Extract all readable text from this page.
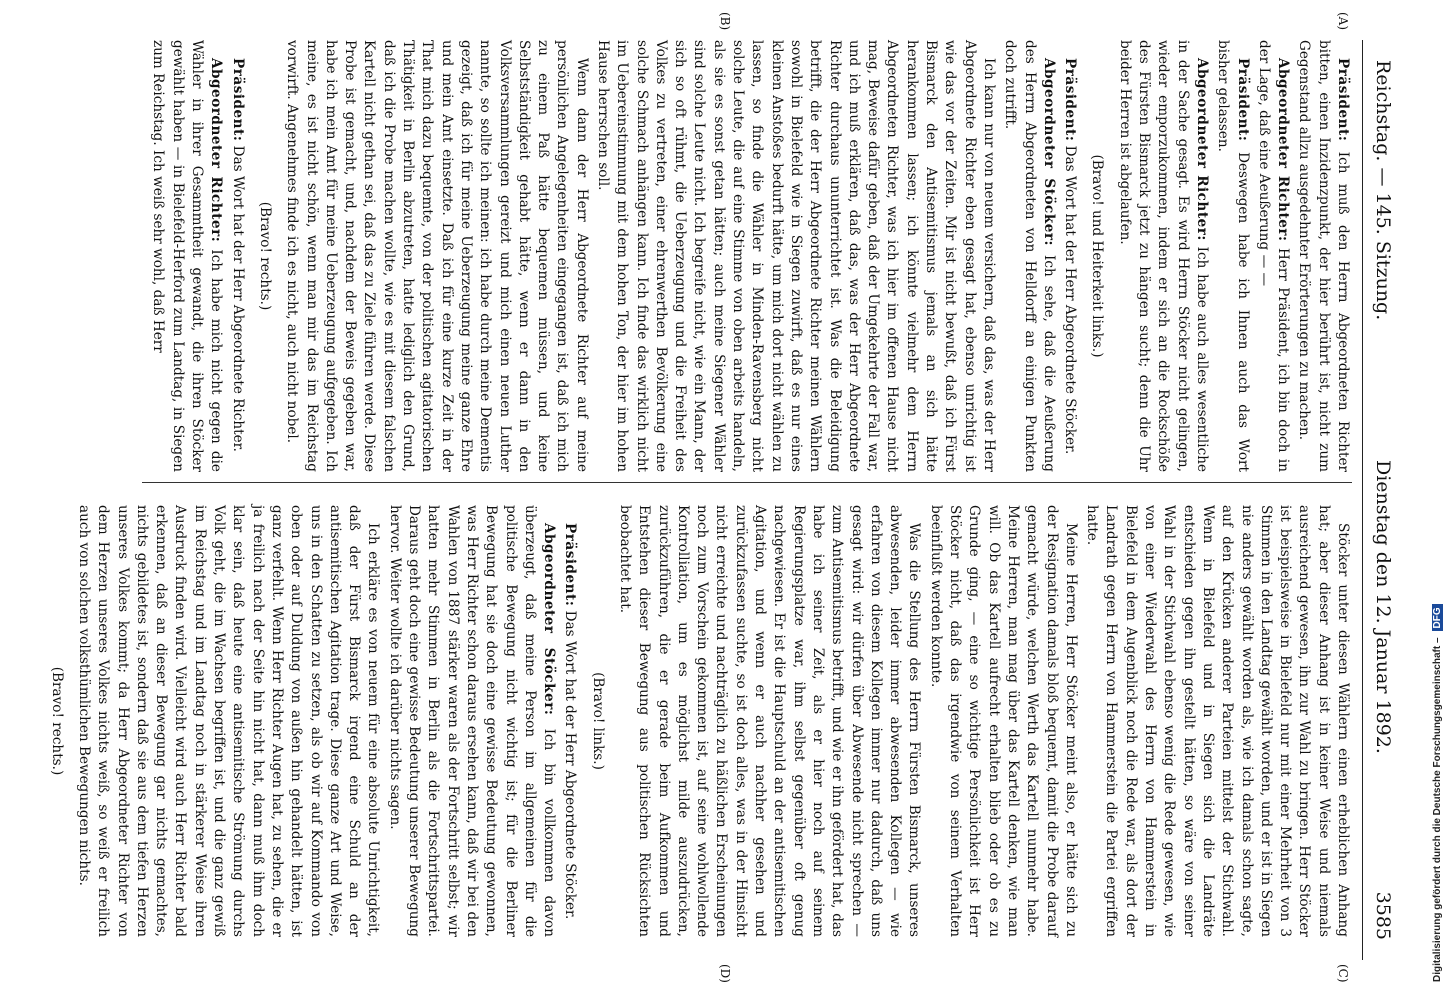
Reichstag. — 145. Sitzung.
Dienstag den 12. Januar 1892.
3585
(A)
(B)
(C)
(D)

Präsident: Ich muß den Herrn Abgeordneten Richter bitten, einen Inzidenzpunkt, der hier berührt ist, nicht zum Gegenstand allzu ausgedehnter Erörterungen zu machen.

Abgeordneter Richter: Herr Präsident, ich bin doch in der Lage, daß eine Aeußerung — —

Präsident: Deswegen habe ich Ihnen auch das Wort bisher gelassen.

Abgeordneter Richter: Ich habe auch alles wesentliche in der Sache gesagt. Es wird Herrn Stöcker nicht gelingen, wieder emporzukommen, indem er sich an die Rockschöße des Fürsten Bismarck jetzt zu hängen sucht; denn die Uhr beider Herren ist abgelaufen.

(Bravo! und Heiterkeit links.)

Präsident: Das Wort hat der Herr Abgeordnete Stöcker.

Abgeordneter Stöcker: Ich sehe, daß die Aeußerung des Herrn Abgeordneten von Helldorff an einigen Punkten doch zutrifft.

Ich kann nur von neuem versichern, daß das, was der Herr Abgeordnete Richter eben gesagt hat, ebenso unrichtig ist wie das vor der Zeiten. Mir ist nicht bewußt, daß ich Fürst Bismarck den Antisemitismus jemals an sich hätte herankommen lassen; ich könnte vielmehr dem Herrn Abgeordneten Richter, was ich hier im offenen Hause nicht mag, Beweise dafür geben, daß der Umgekehrte der Fall war, und ich muß erklären, daß das, was der Herr Abgeordnete Richter durchaus ununterrichtet ist. Was die Beleidigung betrifft, die der Herr Abgeordnete Richter meinen Wählern sowohl in Bielefeld wie in Siegen zuwirft, daß es nur eines kleinen Anstoßes bedurft hätte, um mich dort nicht wählen zu lassen, so finde die Wähler in Minden-Ravensberg nicht solche Leute, die auf eine Stimme von oben arbeits handeln, als sie es sonst getan hätten; auch meine Siegener Wähler sind solche Leute nicht. Ich begreife nicht, wie ein Mann, der sich so oft rühmt, die Ueberzeugung und die Freiheit des Volkes zu vertreten, einer ehrenwerthen Bevölkerung eine solche Schmach anhängen kann. Ich finde das wirklich nicht im Uebereinstimmung mit dem hohen Ton, der hier im hohen Hause herrschen soll.

Wenn dann der Herr Abgeordnete Richter auf meine persönlichen Angelegenheiten eingegangen ist, daß ich mich zu einem Paß hätte bequemen müssen, und keine Selbstständigkeit gehabt hätte, wenn er dann in den Volksversammlungen gereizt und mich einen neuen Luther nannte, so sollte ich meinen: ich habe durch meine Dementis gezeigt, daß ich für meine Ueberzeugung meine ganze Ehre und mein Amt einsetzte. Daß ich für eine kurze Zeit in der That mich dazu bequemte, von der politischen agitatorischen Thätigkeit in Berlin abzutreten, hatte lediglich den Grund, daß ich die Probe machen wollte, wie es mit diesem falschen Kartell nicht gethan sei, daß das zu Ziele führen werde. Diese Probe ist gemacht, und, nachdem der Beweis gegeben war, habe ich mein Amt für meine Ueberzeugung aufgegeben. Ich meine, es ist nicht schön, wenn man mir das im Reichstag vorwirft. Angenehmes finde ich es nicht, auch nicht nobel.

(Bravo! rechts.)

Präsident: Das Wort hat der Herr Abgeordnete Richter.

Abgeordneter Richter: Ich habe mich nicht gegen die Wähler in ihrer Gesammtheit gewandt, die ihren Stöcker gewählt haben — in Bielefeld-Herford zum Landtag, in Siegen zum Reichstag. Ich weiß sehr wohl, daß Herr

Stöcker unter diesen Wählern einen erheblichen Anhang hat; aber dieser Anhang ist in keiner Weise und niemals ausreichend gewesen, ihn zur Wahl zu bringen. Herr Stöcker ist beispielsweise in Bielefeld nur mit einer Mehrheit von 3 Stimmen in den Landtag gewählt worden, und er ist in Siegen nie anders gewählt worden als, wie ich damals schon sagte, auf den Krücken anderer Parteien mittelst der Stichwahl. Wenn in Bielefeld und in Siegen sich die Landräte entschieden gegen ihn gestellt hätten, so wäre von seiner Wahl in der Stichwahl ebenso wenig die Rede gewesen, wie von einer Wiederwahl des Herrn von Hammerstein in Bielefeld in dem Augenblick noch die Rede war, als dort der Landrath gegen Herrn von Hammerstein die Partei ergriffen hatte.

Meine Herren, Herr Stöcker meint also, er hätte sich zu der Resignation damals bloß bequemt, damit die Probe darauf gemacht würde, welchen Werth das Kartell nunmehr habe. Meine Herren, man mag über das Kartell denken, wie man will. Ob das Kartell aufrecht erhalten blieb oder ob es zu Grunde ging, — eine so wichtige Persönlichkeit ist Herr Stöcker nicht, daß das irgendwie von seinem Verhalten beeinflußt werden konnte.

Was die Stellung des Herrn Fürsten Bismarck, unseres abwesenden, leider immer abwesenden Kollegen — wie erfahren von diesem Kollegen immer nur dadurch, daß uns gesagt wird: wir dürfen über Abwesende nicht sprechen — zum Antisemitismus betrifft, und wie er ihn gefördert hat, das habe ich seiner Zeit, als er hier noch auf seinem Regierungsplatze war, ihm selbst gegenüber oft genug nachgewiesen. Er ist die Hauptschuld an der antisemitischen Agitation, und wenn er auch nachher gesehen und zurückzufassen suchte, so ist doch alles, was in der Hinsicht nicht erreichte und nachträglich zu häßlichen Erscheinungen noch zum Vorschein gekommen ist, auf seine wohlwollende Kontrolliation, um es möglichst milde auszudrücken, zurückzuführen, die er gerade beim Aufkommen und Entstehen dieser Bewegung aus politischen Rücksichten beobachtet hat.

(Bravo! links.)

Präsident: Das Wort hat der Herr Abgeordnete Stöcker.

Abgeordneter Stöcker: Ich bin vollkommen davon überzeugt, daß meine Person im allgemeinen für die politische Bewegung nicht wichtig ist; für die Berliner Bewegung hat sie doch eine gewisse Bedeutung gewonnen, was Herr Richter schon daraus ersehen kann, daß wir bei den Wahlen von 1887 stärker waren als der Fortschritt selbst; wir hatten mehr Stimmen in Berlin als die Fortschrittspartei. Daraus geht doch eine gewisse Bedeutung unserer Bewegung hervor. Weiter wollte ich darüber nichts sagen.

Ich erkläre es von neuem für eine absolute Unrichtigkeit, daß der Fürst Bismarck irgend eine Schuld an der antisemitischen Agitation trage. Diese ganze Art und Weise, uns in den Schatten zu setzen, als ob wir auf Kommando von oben oder auf Duldung von außen hin gehandelt hätten, ist ganz verfehlt. Wenn Herr Richter Augen hat, zu sehen, die er ja freilich nach der Seite hin nicht hat, dann muß ihm doch klar sein, daß heute eine antisemitische Strömung durchs Volk geht, die im Wachsen begriffen ist, und die ganz gewiß im Reichstag und im Landtag noch in stärkerer Weise ihren Ausdruck finden wird. Vielleicht wird auch Herr Richter bald erkennen, daß an dieser Bewegung gar nichts gemachtes, nichts gebildetes ist, sondern daß sie aus dem tiefen Herzen unseres Volkes kommt; da Herr Abgeordneter Richter von dem Herzen unseres Volkes nichts weiß, so weiß er freilich auch von solchen volksthümlichen Bewegungen nichts.

(Bravo! rechts.)	Digitalisierung gefördert durch die Deutsche Forschungsgemeinschaft –DFG
